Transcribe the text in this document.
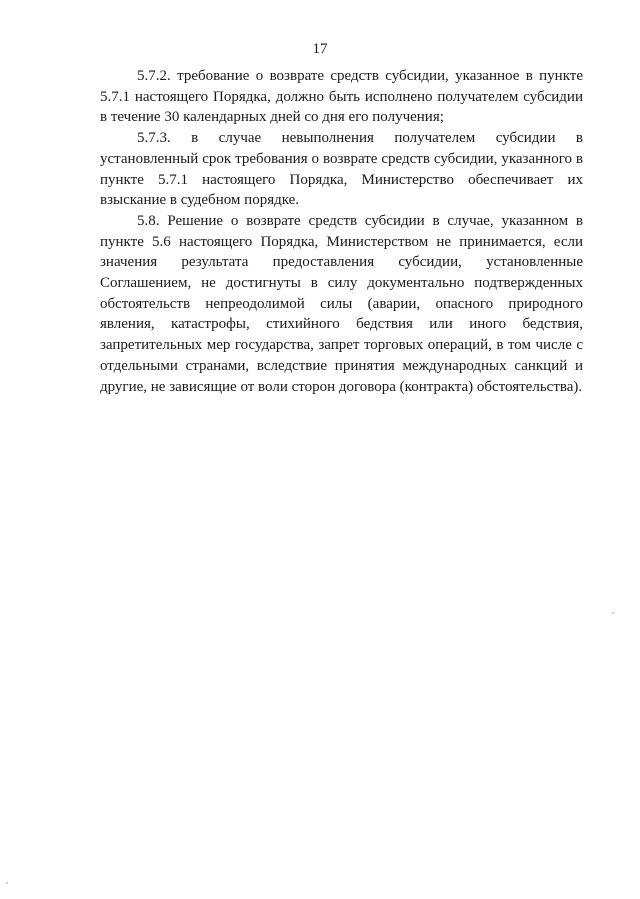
17

5.7.2. требование о возврате средств субсидии, указанное в пункте 5.7.1 настоящего Порядка, должно быть исполнено получателем субсидии в течение 30 календарных дней со дня его получения;

5.7.3. в случае невыполнения получателем субсидии в установленный срок требования о возврате средств субсидии, указанного в пункте 5.7.1 настоящего Порядка, Министерство обеспечивает их взыскание в судебном порядке.

5.8. Решение о возврате средств субсидии в случае, указанном в пункте 5.6 настоящего Порядка, Министерством не принимается, если значения результата предоставления субсидии, установленные Соглашением, не достигнуты в силу документально подтвержденных обстоятельств непреодолимой силы (аварии, опасного природного явления, катастрофы, стихийного бедствия или иного бедствия, запретительных мер государства, запрет торговых операций, в том числе с отдельными странами, вследствие принятия международных санкций и другие, не зависящие от воли сторон договора (контракта) обстоятельства).
